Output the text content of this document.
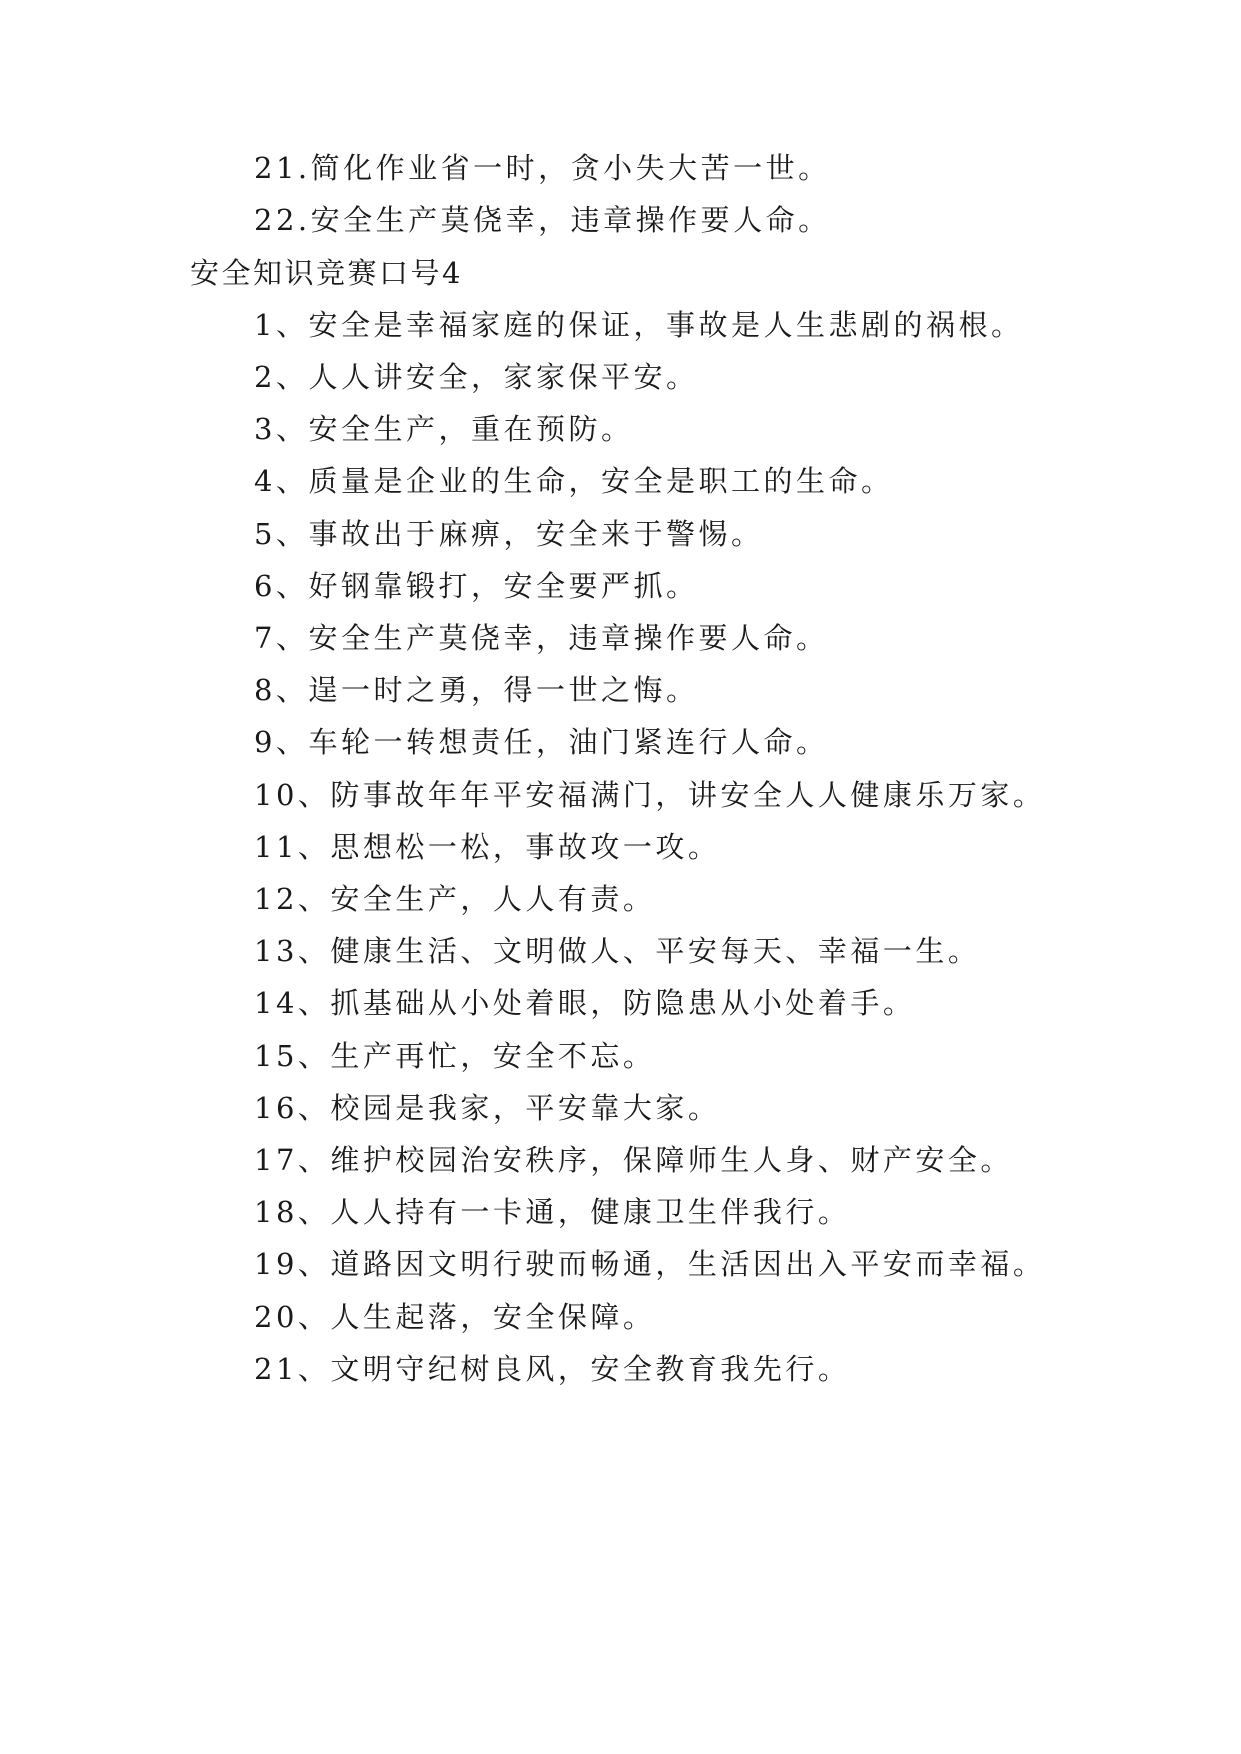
21.简化作业省一时，贪小失大苦一世。
22.安全生产莫侥幸，违章操作要人命。
安全知识竞赛口号4
1、安全是幸福家庭的保证，事故是人生悲剧的祸根。
2、人人讲安全，家家保平安。
3、安全生产，重在预防。
4、质量是企业的生命，安全是职工的生命。
5、事故出于麻痹，安全来于警惕。
6、好钢靠锻打，安全要严抓。
7、安全生产莫侥幸，违章操作要人命。
8、逞一时之勇，得一世之悔。
9、车轮一转想责任，油门紧连行人命。
10、防事故年年平安福满门，讲安全人人健康乐万家。
11、思想松一松，事故攻一攻。
12、安全生产，人人有责。
13、健康生活、文明做人、平安每天、幸福一生。
14、抓基础从小处着眼，防隐患从小处着手。
15、生产再忙，安全不忘。
16、校园是我家，平安靠大家。
17、维护校园治安秩序，保障师生人身、财产安全。
18、人人持有一卡通，健康卫生伴我行。
19、道路因文明行驶而畅通，生活因出入平安而幸福。
20、人生起落，安全保障。
21、文明守纪树良风，安全教育我先行。
